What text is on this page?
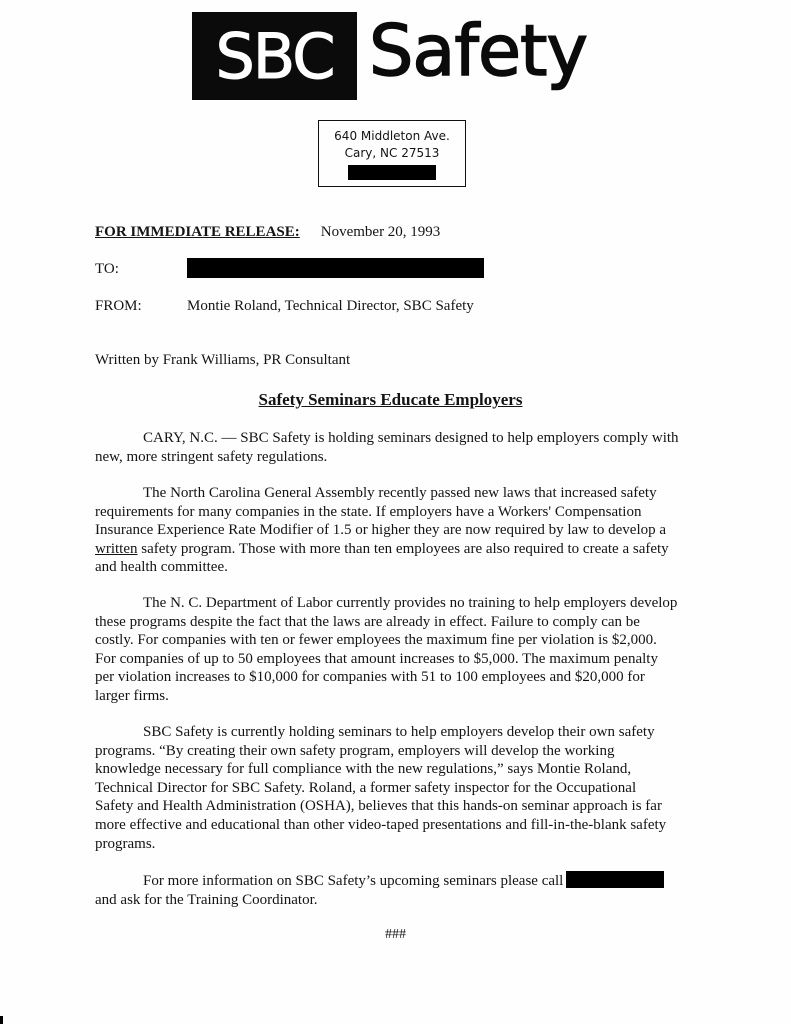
SBC Safety
640 Middleton Ave.
Cary, NC 27513
FOR IMMEDIATE RELEASE: November 20, 1993
TO:
FROM:	Montie Roland, Technical Director, SBC Safety
Written by Frank Williams, PR Consultant
Safety Seminars Educate Employers
CARY, N.C. — SBC Safety is holding seminars designed to help employers comply with
new, more stringent safety regulations.
The North Carolina General Assembly recently passed new laws that increased safety
requirements for many companies in the state. If employers have a Workers' Compensation
Insurance Experience Rate Modifier of 1.5 or higher they are now required by law to develop a
written safety program. Those with more than ten employees are also required to create a safety
and health committee.
The N. C. Department of Labor currently provides no training to help employers develop
these programs despite the fact that the laws are already in effect. Failure to comply can be
costly. For companies with ten or fewer employees the maximum fine per violation is $2,000.
For companies of up to 50 employees that amount increases to $5,000. The maximum penalty
per violation increases to $10,000 for companies with 51 to 100 employees and $20,000 for
larger firms.
SBC Safety is currently holding seminars to help employers develop their own safety
programs. “By creating their own safety program, employers will develop the working
knowledge necessary for full compliance with the new regulations,” says Montie Roland,
Technical Director for SBC Safety. Roland, a former safety inspector for the Occupational
Safety and Health Administration (OSHA), believes that this hands-on seminar approach is far
more effective and educational than other video-taped presentations and fill-in-the-blank safety
programs.
For more information on SBC Safety’s upcoming seminars please call
and ask for the Training Coordinator.
###
